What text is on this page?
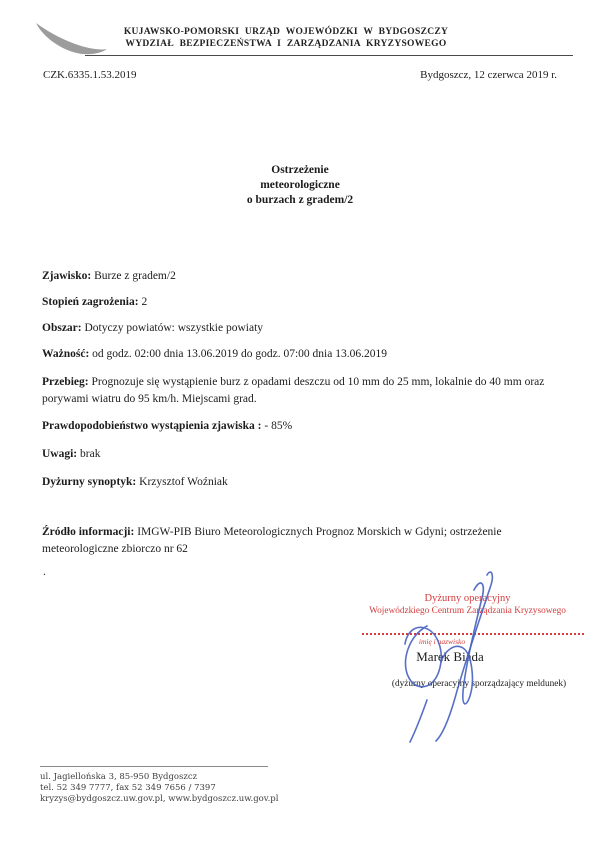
KUJAWSKO-POMORSKI URZĄD WOJEWÓDZKI W BYDGOSZCZY
WYDZIAŁ BEZPIECZEŃSTWA I ZARZĄDZANIA KRYZYSOWEGO
CZK.6335.1.53.2019	Bydgoszcz, 12 czerwca 2019 r.
Ostrzeżenie
meteorologiczne
o burzach z gradem/2

Zjawisko: Burze z gradem/2

Stopień zagrożenia: 2

Obszar: Dotyczy powiatów: wszystkie powiaty

Ważność: od godz. 02:00 dnia 13.06.2019 do godz. 07:00 dnia 13.06.2019

Przebieg: Prognozuje się wystąpienie burz z opadami deszczu od 10 mm do 25 mm, lokalnie do 40 mm oraz porywami wiatru do 95 km/h. Miejscami grad.

Prawdopodobieństwo wystąpienia zjawiska : - 85%

Uwagi: brak

Dyżurny synoptyk: Krzysztof Woźniak

Źródło informacji: IMGW-PIB Biuro Meteorologicznych Prognoz Morskich w Gdyni; ostrzeżenie meteorologiczne zbiorczo nr 62

.
Dyżurny operacyjny
Wojewódzkiego Centrum Zarządzania Kryzysowego
imię i nazwisko
Marek Biada
(dyżurny operacyjny sporządzający meldunek)
ul. Jagiellońska 3, 85-950 Bydgoszcz
tel. 52 349 7777, fax 52 349 7656 / 7397
kryzys@bydgoszcz.uw.gov.pl, www.bydgoszcz.uw.gov.pl
